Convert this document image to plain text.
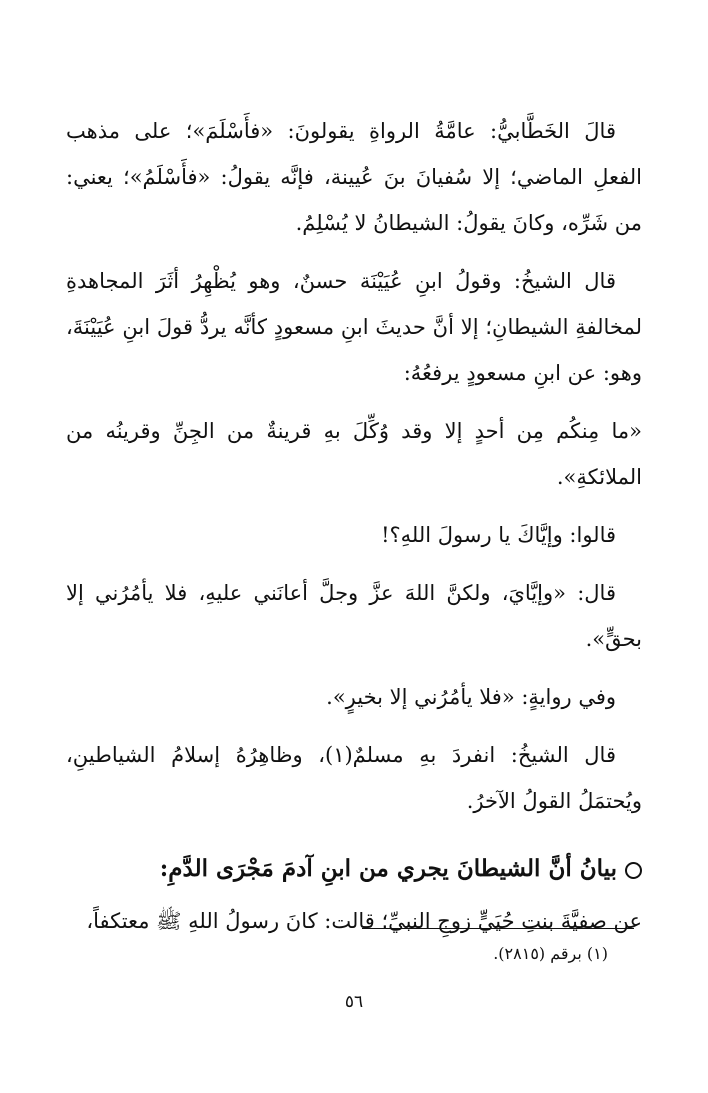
قالَ الخَطَّابيُّ: عامَّةُ الرواةِ يقولونَ: «فأَسْلَمَ»؛ على مذهب الفعلِ الماضي؛ إلا سُفيانَ بنَ عُيينة، فإنَّه يقولُ: «فأَسْلَمُ»؛ يعني: من شَرِّه، وكانَ يقولُ: الشيطانُ لا يُسْلِمُ.

قال الشيخُ: وقولُ ابنِ عُيَيْنَة حسنٌ، وهو يُظْهِرُ أثَرَ المجاهدةِ لمخالفةِ الشيطانِ؛ إلا أنَّ حديثَ ابنِ مسعودٍ كأنَّه يردُّ قولَ ابنِ عُيَيْنَةَ، وهو: عن ابنِ مسعودٍ يرفعُهُ:

«ما مِنكُم مِن أحدٍ إلا وقد وُكِّلَ بهِ قرينةٌ من الجِنِّ وقرينُه من الملائكةِ».

قالوا: وإيَّاكَ يا رسولَ اللهِ؟!

قال: «وإيَّايَ، ولكنَّ اللهَ عزَّ وجلَّ أعانَني عليهِ، فلا يأمُرُني إلا بحقٍّ».

وفي روايةٍ: «فلا يأمُرُني إلا بخيرٍ».

قال الشيخُ: انفردَ بهِ مسلمٌ(١)، وظاهِرُهُ إسلامُ الشياطينِ، ويُحتمَلُ القولُ الآخرُ.

بيانُ أنَّ الشيطانَ يجري من ابنِ آدمَ مَجْرَى الدَّمِ:

عن صفيَّةَ بنتِ حُيَيٍّ زوجِ النبيِّ؛ قالت: كانَ رسولُ اللهِ ﷺ معتكفاً،

(١) برقم (٢٨١٥).
٥٦
